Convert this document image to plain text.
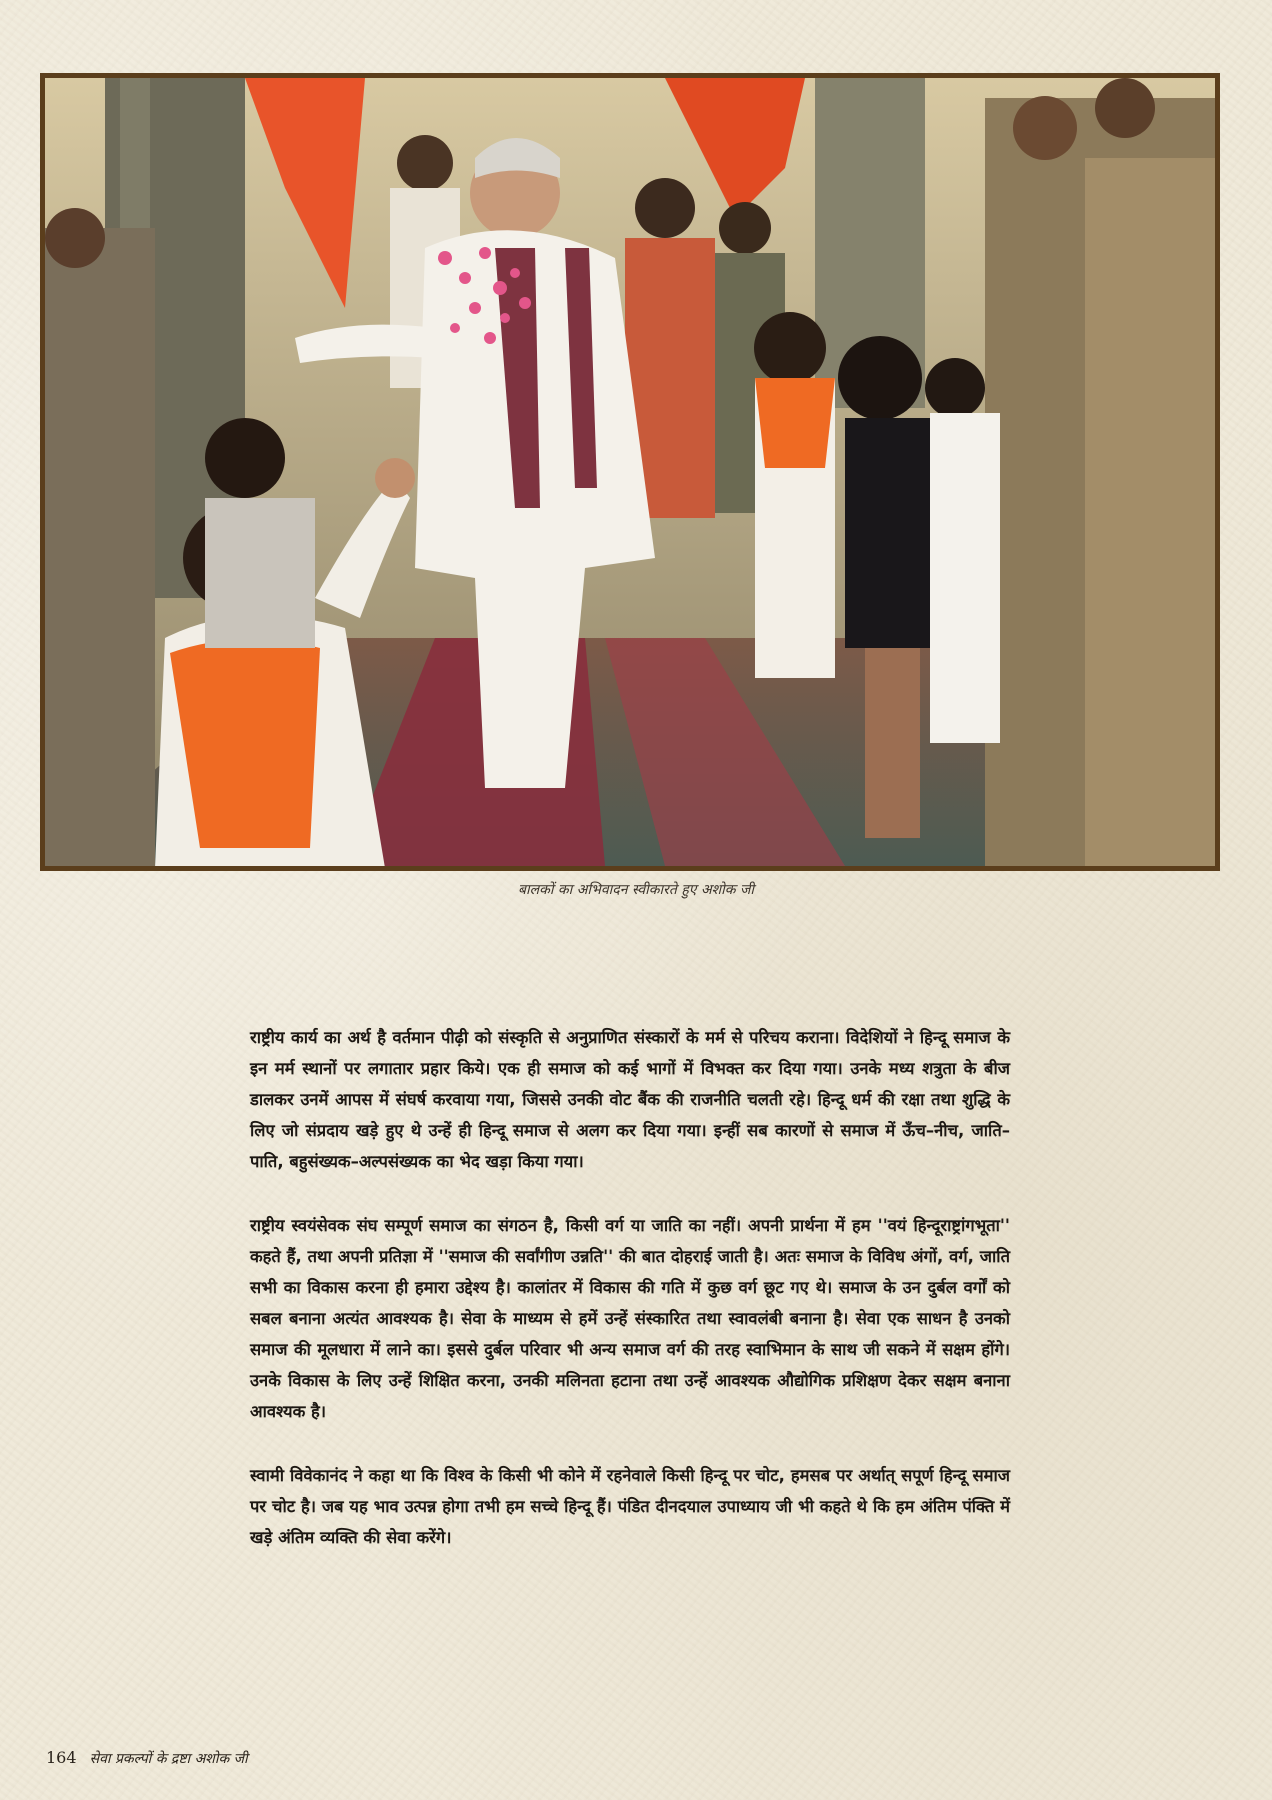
बालकों का अभिवादन स्वीकारते हुए अशोक जी

राष्ट्रीय कार्य का अर्थ है वर्तमान पीढ़ी को संस्कृति से अनुप्राणित संस्कारों के मर्म से परिचय कराना। विदेशियों ने हिन्दू समाज के इन मर्म स्थानों पर लगातार प्रहार किये। एक ही समाज को कई भागों में विभक्त कर दिया गया। उनके मध्य शत्रुता के बीज डालकर उनमें आपस में संघर्ष करवाया गया, जिससे उनकी वोट बैंक की राजनीति चलती रहे। हिन्दू धर्म की रक्षा तथा शुद्धि के लिए जो संप्रदाय खड़े हुए थे उन्हें ही हिन्दू समाज से अलग कर दिया गया। इन्हीं सब कारणों से समाज में ऊँच–नीच, जाति–पाति, बहुसंख्यक–अल्पसंख्यक का भेद खड़ा किया गया।

राष्ट्रीय स्वयंसेवक संघ सम्पूर्ण समाज का संगठन है, किसी वर्ग या जाति का नहीं। अपनी प्रार्थना में हम ''वयं हिन्दूराष्ट्रांगभूता'' कहते हैं, तथा अपनी प्रतिज्ञा में ''समाज की सर्वांगीण उन्नति'' की बात दोहराई जाती है। अतः समाज के विविध अंगों, वर्ग, जाति सभी का विकास करना ही हमारा उद्देश्य है। कालांतर में विकास की गति में कुछ वर्ग छूट गए थे। समाज के उन दुर्बल वर्गों को सबल बनाना अत्यंत आवश्यक है। सेवा के माध्यम से हमें उन्हें संस्कारित तथा स्वावलंबी बनाना है। सेवा एक साधन है उनको समाज की मूलधारा में लाने का। इससे दुर्बल परिवार भी अन्य समाज वर्ग की तरह स्वाभिमान के साथ जी सकने में सक्षम होंगे। उनके विकास के लिए उन्हें शिक्षित करना, उनकी मलिनता हटाना तथा उन्हें आवश्यक औद्योगिक प्रशिक्षण देकर सक्षम बनाना आवश्यक है।

स्वामी विवेकानंद ने कहा था कि विश्व के किसी भी कोने में रहनेवाले किसी हिन्दू पर चोट, हमसब पर अर्थात् सपूर्ण हिन्दू समाज पर चोट है। जब यह भाव उत्पन्न होगा तभी हम सच्चे हिन्दू हैं। पंडित दीनदयाल उपाध्याय जी भी कहते थे कि हम अंतिम पंक्ति में खड़े अंतिम व्यक्ति की सेवा करेंगे।

164 सेवा प्रकल्पों के द्रष्टा अशोक जी
